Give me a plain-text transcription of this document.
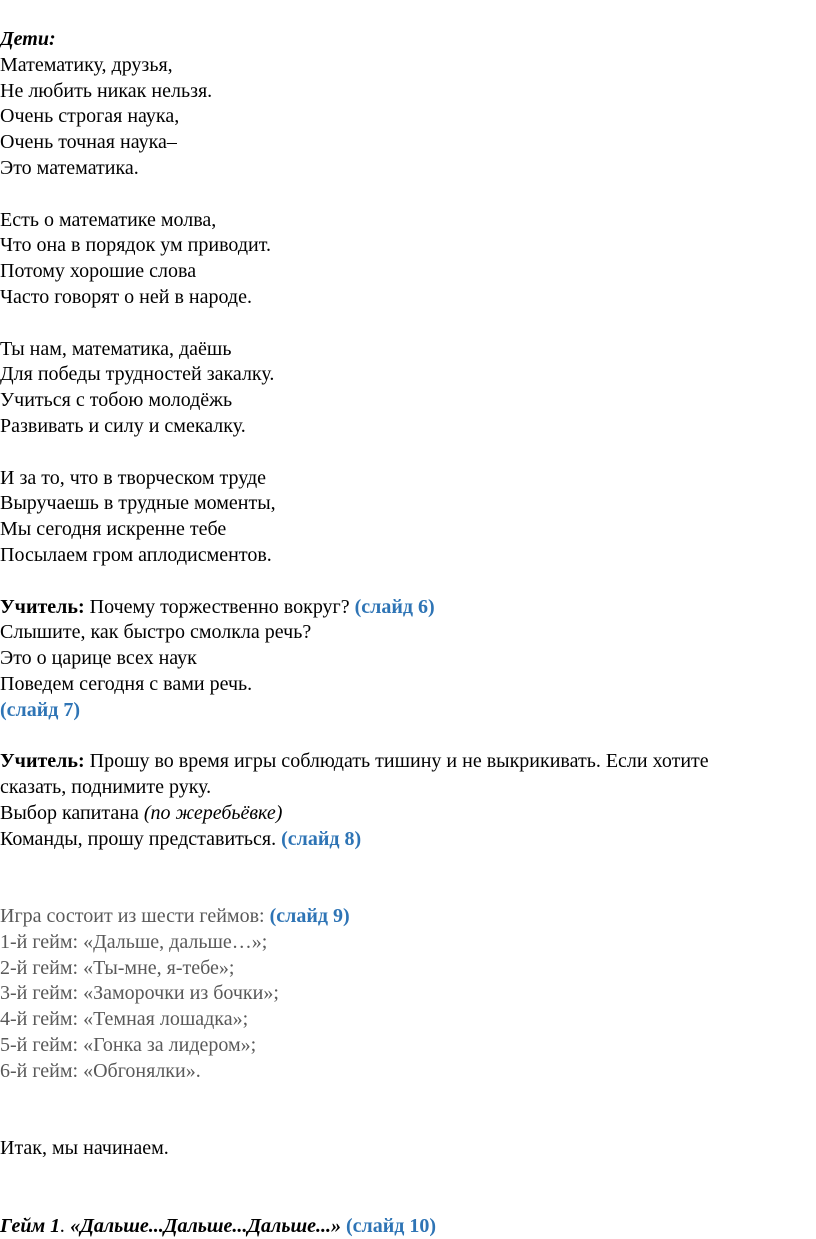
Дети:
Математику, друзья,
Не любить никак нельзя.
Очень строгая наука,
Очень точная наука–
Это математика.
Есть о математике молва,
Что она в порядок ум приводит.
Потому хорошие слова
Часто говорят о ней в народе.
Ты нам, математика, даёшь
Для победы трудностей закалку.
Учиться с тобою молодёжь
Развивать и силу и смекалку.
И за то, что в творческом труде
Выручаешь в трудные моменты,
Мы сегодня искренне тебе
Посылаем гром аплодисментов.
Учитель: Почему торжественно вокруг? (слайд 6)
Слышите, как быстро смолкла речь?
Это о царице всех наук
Поведем сегодня с вами речь.
(слайд 7)
Учитель: Прошу во время игры соблюдать тишину и не выкрикивать. Если хотите
сказать, поднимите руку.
Выбор капитана (по жеребьёвке)
Команды, прошу представиться. (слайд 8)
Игра состоит из шести геймов: (слайд 9)
1-й гейм: «Дальше, дальше…»;
2-й гейм: «Ты-мне, я-тебе»;
3-й гейм: «Заморочки из бочки»;
4-й гейм: «Темная лошадка»;
5-й гейм: «Гонка за лидером»;
6-й гейм: «Обгонялки».
Итак, мы начинаем.
Гейм 1. «Дальше...Дальше...Дальше...» (слайд 10)
